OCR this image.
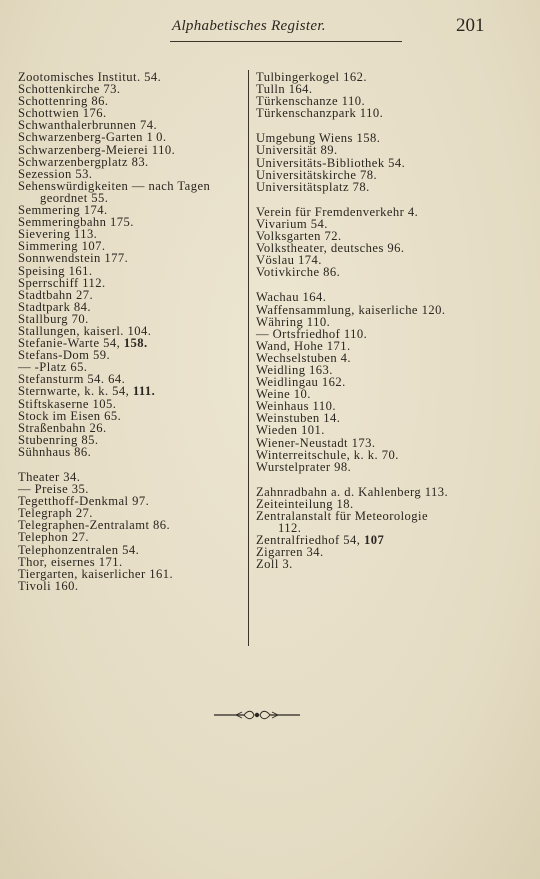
Alphabetisches Register.	201
Zootomisches Institut. 54.
Schottenkirche 73.
Schottenring 86.
Schottwien 176.
Schwanthalerbrunnen 74.
Schwarzenberg-Garten 1 0.
Schwarzenberg-Meierei 110.
Schwarzenbergplatz 83.
Sezession 53.
Sehenswürdigkeiten — nach Tagen
geordnet 55.
Semmering 174.
Semmeringbahn 175.
Sievering 113.
Simmering 107.
Sonnwendstein 177.
Speising 161.
Sperrschiff 112.
Stadtbahn 27.
Stadtpark 84.
Stallburg 70.
Stallungen, kaiserl. 104.
Stefanie-Warte 54, 158.
Stefans-Dom 59.
— -Platz 65.
Stefansturm 54. 64.
Sternwarte, k. k. 54, 111.
Stiftskaserne 105.
Stock im Eisen 65.
Straßenbahn 26.
Stubenring 85.
Sühnhaus 86.
Theater 34.
— Preise 35.
Tegetthoff-Denkmal 97.
Telegraph 27.
Telegraphen-Zentralamt 86.
Telephon 27.
Telephonzentralen 54.
Thor, eisernes 171.
Tiergarten, kaiserlicher 161.
Tivoli 160.
Tulbingerkogel 162.
Tulln 164.
Türkenschanze 110.
Türkenschanzpark 110.
Umgebung Wiens 158.
Universität 89.
Universitäts-Bibliothek 54.
Universitätskirche 78.
Universitätsplatz 78.
Verein für Fremdenverkehr 4.
Vivarium 54.
Volksgarten 72.
Volkstheater, deutsches 96.
Vöslau 174.
Votivkirche 86.
Wachau 164.
Waffensammlung, kaiserliche 120.
Währing 110.
— Ortsfriedhof 110.
Wand, Hohe 171.
Wechselstuben 4.
Weidling 163.
Weidlingau 162.
Weine 10.
Weinhaus 110.
Weinstuben 14.
Wieden 101.
Wiener-Neustadt 173.
Winterreitschule, k. k. 70.
Wurstelprater 98.
Zahnradbahn a. d. Kahlenberg 113.
Zeiteinteilung 18.
Zentralanstalt für Meteorologie
112.
Zentralfriedhof 54, 107
Zigarren 34.
Zoll 3.
